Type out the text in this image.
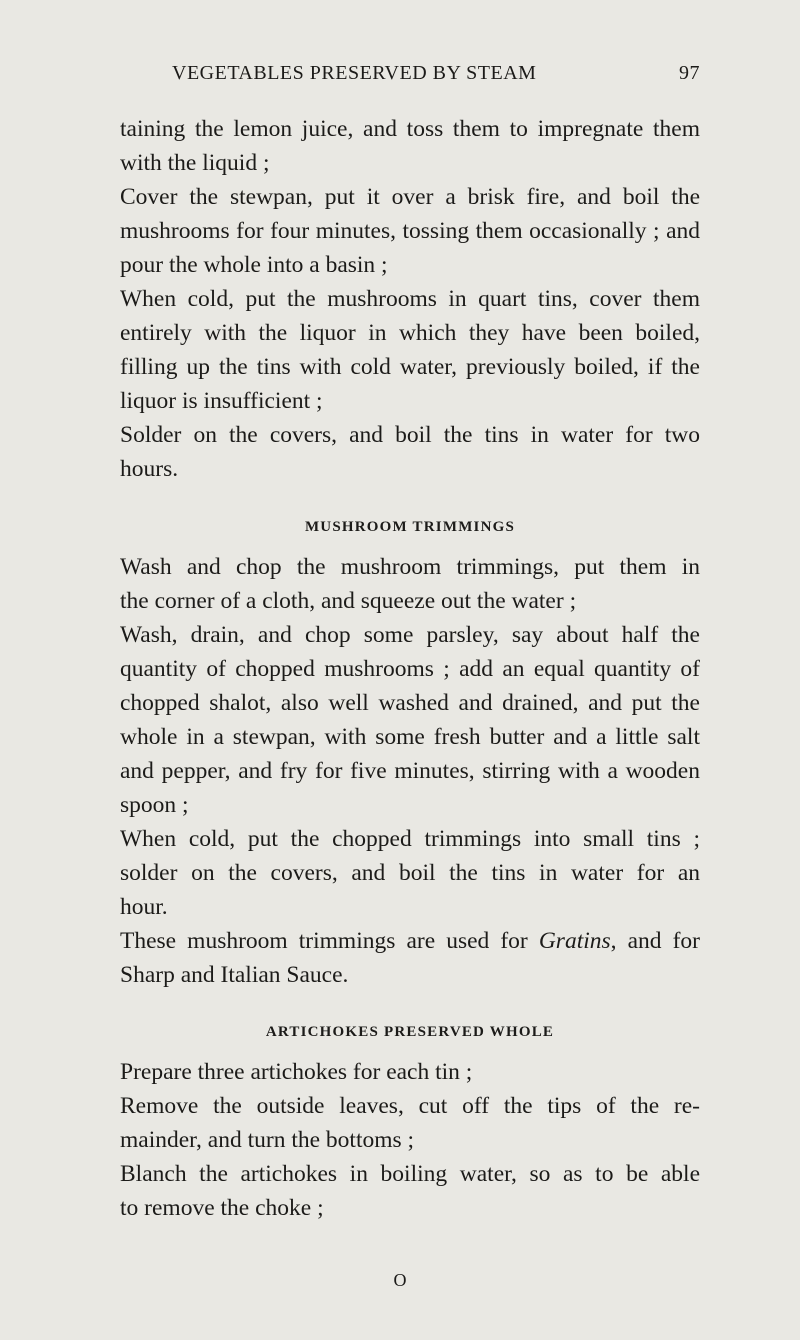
VEGETABLES PRESERVED BY STEAM	97
taining the lemon juice, and toss them to impregnate them
with the liquid ;
Cover the stewpan, put it over a brisk fire, and boil the
mushrooms for four minutes, tossing them occasionally ; and
pour the whole into a basin ;
When cold, put the mushrooms in quart tins, cover them
entirely with the liquor in which they have been boiled,
filling up the tins with cold water, previously boiled, if the
liquor is insufficient ;
Solder on the covers, and boil the tins in water for two
hours.
MUSHROOM TRIMMINGS
Wash and chop the mushroom trimmings, put them in
the corner of a cloth, and squeeze out the water ;
Wash, drain, and chop some parsley, say about half the
quantity of chopped mushrooms ; add an equal quantity of
chopped shalot, also well washed and drained, and put the
whole in a stewpan, with some fresh butter and a little salt
and pepper, and fry for five minutes, stirring with a wooden
spoon ;
When cold, put the chopped trimmings into small tins ;
solder on the covers, and boil the tins in water for an
hour.
These mushroom trimmings are used for Gratins, and for
Sharp and Italian Sauce.
ARTICHOKES PRESERVED WHOLE
Prepare three artichokes for each tin ;
Remove the outside leaves, cut off the tips of the re-
mainder, and turn the bottoms ;
Blanch the artichokes in boiling water, so as to be able
to remove the choke ;
O
